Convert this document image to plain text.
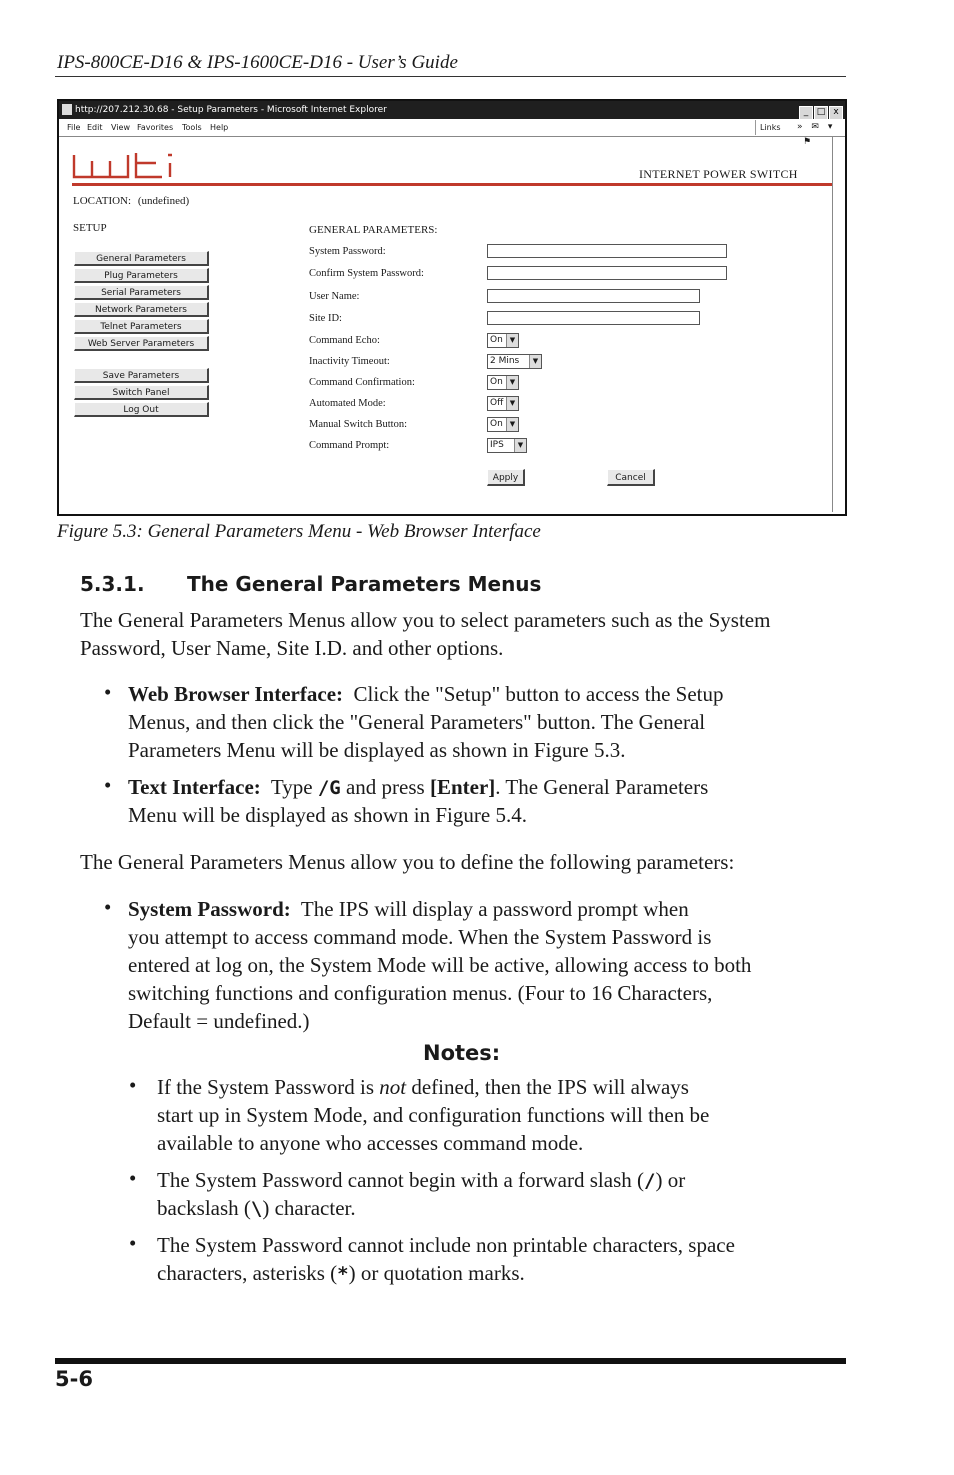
IPS-800CE-D16 & IPS-1600CE-D16 - User’s Guide
http://207.212.30.68 - Setup Parameters - Microsoft Internet Explorer	_ □ x
File Edit View Favorites Tools Help	Links » ✉ ▾ ⚑
INTERNET POWER SWITCH
LOCATION: (undefined)
SETUP
General Parameters
Plug Parameters
Serial Parameters
Network Parameters
Telnet Parameters
Web Server Parameters
Save Parameters
Switch Panel
Log Out
GENERAL PARAMETERS:
System Password:
Confirm System Password:
User Name:
Site ID:
Command Echo:	On	▼
Inactivity Timeout:	2 Mins	▼
Command Confirmation:	On	▼
Automated Mode:	Off ▼
Manual Switch Button:	On	▼
Command Prompt:	IPS	▼
Apply	Cancel
Figure 5.3: General Parameters Menu - Web Browser Interface
5.3.1. The General Parameters Menus
The General Parameters Menus allow you to select parameters such as the System Password, User Name, Site I.D. and other options.
• Web Browser Interface: Click the "Setup" button to access the Setup
Menus, and then click the "General Parameters" button. The General
Parameters Menu will be displayed as shown in Figure 5.3.
• Text Interface: Type /G and press [Enter]. The General Parameters
Menu will be displayed as shown in Figure 5.4.
The General Parameters Menus allow you to define the following parameters:
• System Password: The IPS will display a password prompt when
you attempt to access command mode. When the System Password is
entered at log on, the System Mode will be active, allowing access to both
switching functions and configuration menus. (Four to 16 Characters,
Default = undefined.)
Notes:
• If the System Password is not defined, then the IPS will always
start up in System Mode, and configuration functions will then be
available to anyone who accesses command mode.
• The System Password cannot begin with a forward slash (/) or
backslash (\) character.
• The System Password cannot include non printable characters, space
characters, asterisks (*) or quotation marks.
5-6
